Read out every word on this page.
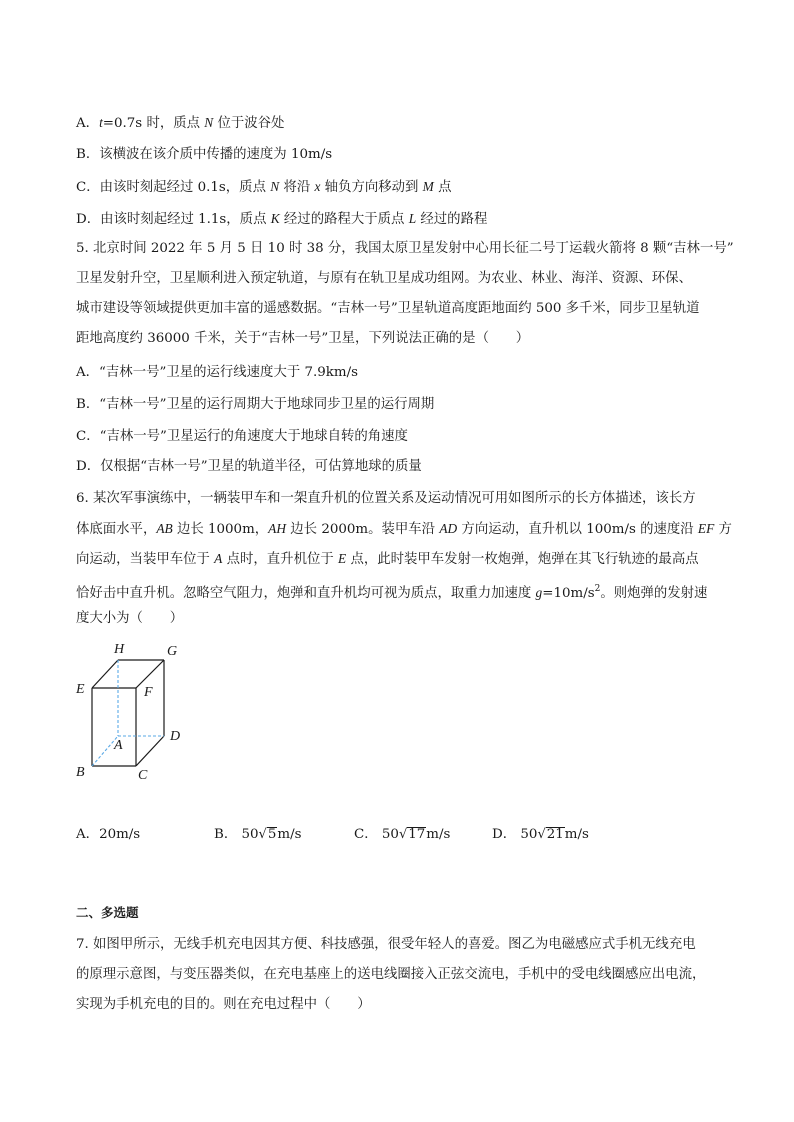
A．t=0.7s 时，质点 N 位于波谷处
B．该横波在该介质中传播的速度为 10m/s
C．由该时刻起经过 0.1s，质点 N 将沿 x 轴负方向移动到 M 点
D．由该时刻起经过 1.1s，质点 K 经过的路程大于质点 L 经过的路程
5. 北京时间 2022 年 5 月 5 日 10 时 38 分，我国太原卫星发射中心用长征二号丁运载火箭将 8 颗“吉林一号”
卫星发射升空，卫星顺利进入预定轨道，与原有在轨卫星成功组网。为农业、林业、海洋、资源、环保、
城市建设等领域提供更加丰富的遥感数据。“吉林一号”卫星轨道高度距地面约 500 多千米，同步卫星轨道
距地高度约 36000 千米，关于“吉林一号”卫星，下列说法正确的是（　　）
A．“吉林一号”卫星的运行线速度大于 7.9km/s
B．“吉林一号”卫星的运行周期大于地球同步卫星的运行周期
C．“吉林一号”卫星运行的角速度大于地球自转的角速度
D．仅根据“吉林一号”卫星的轨道半径，可估算地球的质量
6. 某次军事演练中，一辆装甲车和一架直升机的位置关系及运动情况可用如图所示的长方体描述，该长方
体底面水平，AB 边长 1000m，AH 边长 2000m。装甲车沿 AD 方向运动，直升机以 100m/s 的速度沿 EF 方
向运动，当装甲车位于 A 点时，直升机位于 E 点，此时装甲车发射一枚炮弹，炮弹在其飞行轨迹的最高点
恰好击中直升机。忽略空气阻力，炮弹和直升机均可视为质点，取重力加速度 $g=10m/s^2$。则炮弹的发射速
度大小为（　　）
H	G
E	F
A
D
B	C
A．20m/s	B． 50√5m/s	C． 50√17m/s	D． 50√21m/s
二、多选题
7. 如图甲所示，无线手机充电因其方便、科技感强，很受年轻人的喜爱。图乙为电磁感应式手机无线充电
的原理示意图，与变压器类似，在充电基座上的送电线圈接入正弦交流电，手机中的受电线圈感应出电流，
实现为手机充电的目的。则在充电过程中（　　）
